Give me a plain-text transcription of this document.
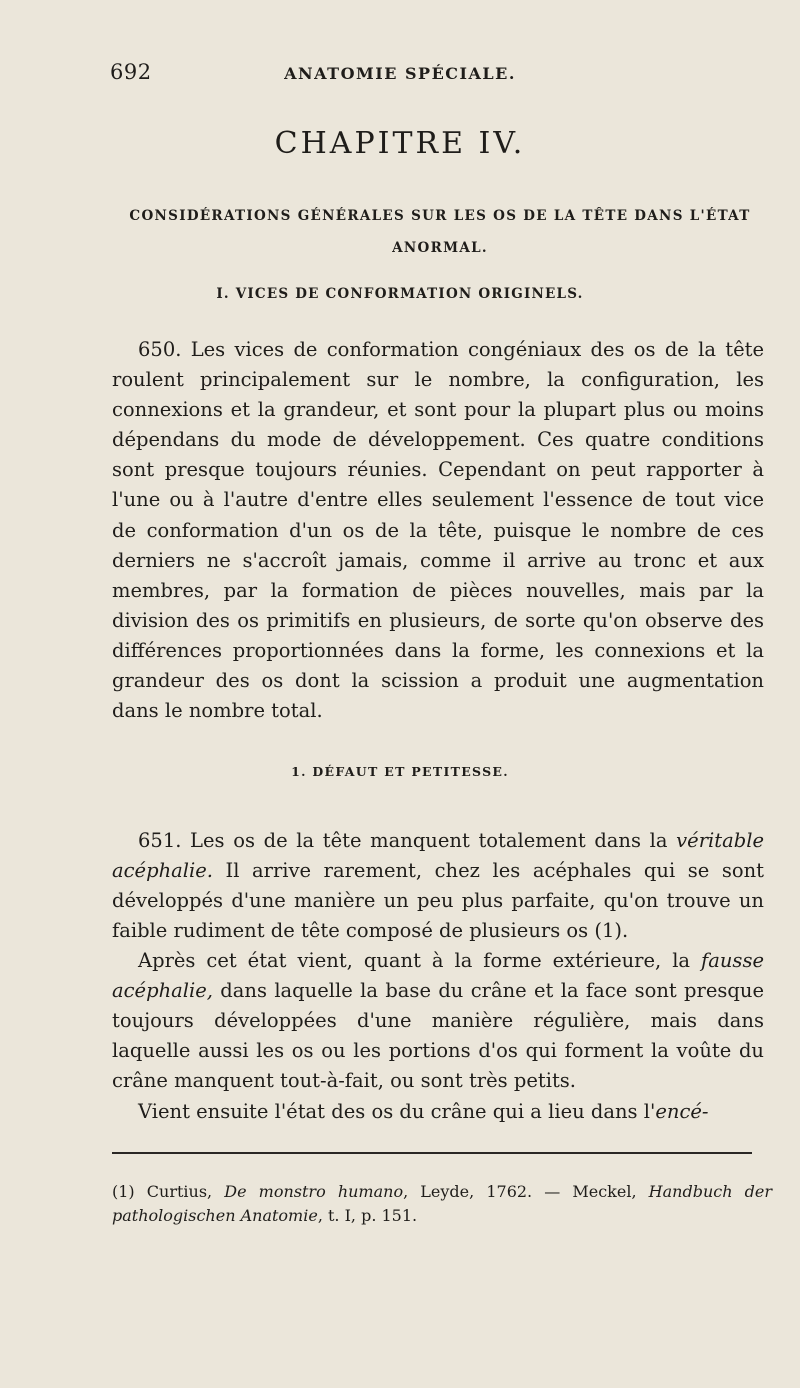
692	ANATOMIE SPÉCIALE.
CHAPITRE IV.
CONSIDÉRATIONS GÉNÉRALES SUR LES OS DE LA TÊTE DANS L'ÉTAT ANORMAL.
I. VICES DE CONFORMATION ORIGINELS.
650. Les vices de conformation congéniaux des os de la tête roulent principalement sur le nombre, la configuration, les connexions et la grandeur, et sont pour la plupart plus ou moins dépendans du mode de développement. Ces quatre conditions sont presque toujours réunies. Cependant on peut rapporter à l'une ou à l'autre d'entre elles seulement l'essence de tout vice de conformation d'un os de la tête, puisque le nombre de ces derniers ne s'accroît jamais, comme il arrive au tronc et aux membres, par la formation de pièces nouvelles, mais par la division des os primitifs en plusieurs, de sorte qu'on observe des différences proportionnées dans la forme, les connexions et la grandeur des os dont la scission a produit une augmentation dans le nombre total.
1. DÉFAUT ET PETITESSE.
651. Les os de la tête manquent totalement dans la véritable acéphalie. Il arrive rarement, chez les acéphales qui se sont développés d'une manière un peu plus parfaite, qu'on trouve un faible rudiment de tête composé de plusieurs os (1).
Après cet état vient, quant à la forme extérieure, la fausse acéphalie, dans laquelle la base du crâne et la face sont presque toujours développées d'une manière régulière, mais dans laquelle aussi les os ou les portions d'os qui forment la voûte du crâne manquent tout-à-fait, ou sont très petits.
Vient ensuite l'état des os du crâne qui a lieu dans l'encé-
(1) Curtius, De monstro humano, Leyde, 1762. — Meckel, Handbuch der pathologischen Anatomie, t. I, p. 151.
